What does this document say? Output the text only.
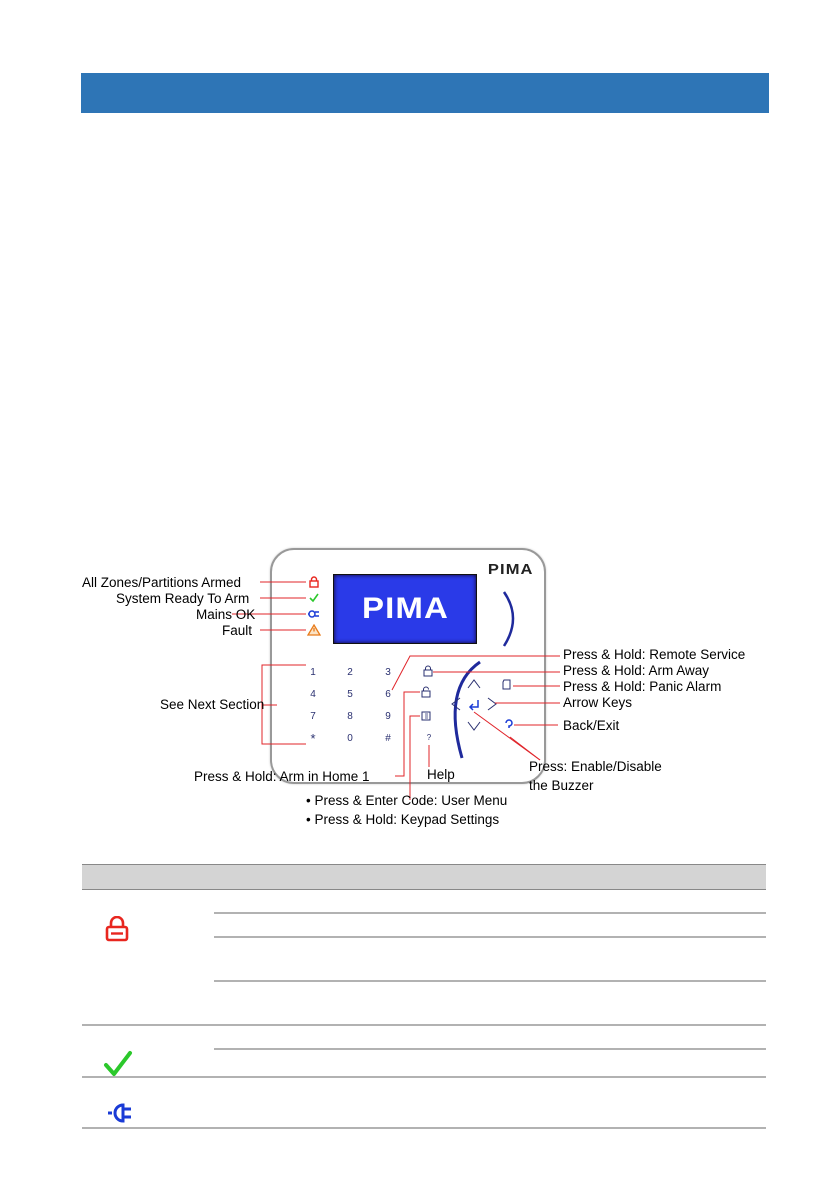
PIMA
PIMA
1	2	3
4	5	6
7	8	9
*	0	#	?
All Zones/Partitions Armed
System Ready To Arm
Mains OK
Fault
See Next Section
Press & Hold: Remote Service
Press & Hold: Arm Away
Press & Hold: Panic Alarm
Arrow Keys
Back/Exit
Press: Enable/Disable
the Buzzer
Press & Hold: Arm in Home 1	Help
• Press & Enter Code: User Menu
• Press & Hold: Keypad Settings
